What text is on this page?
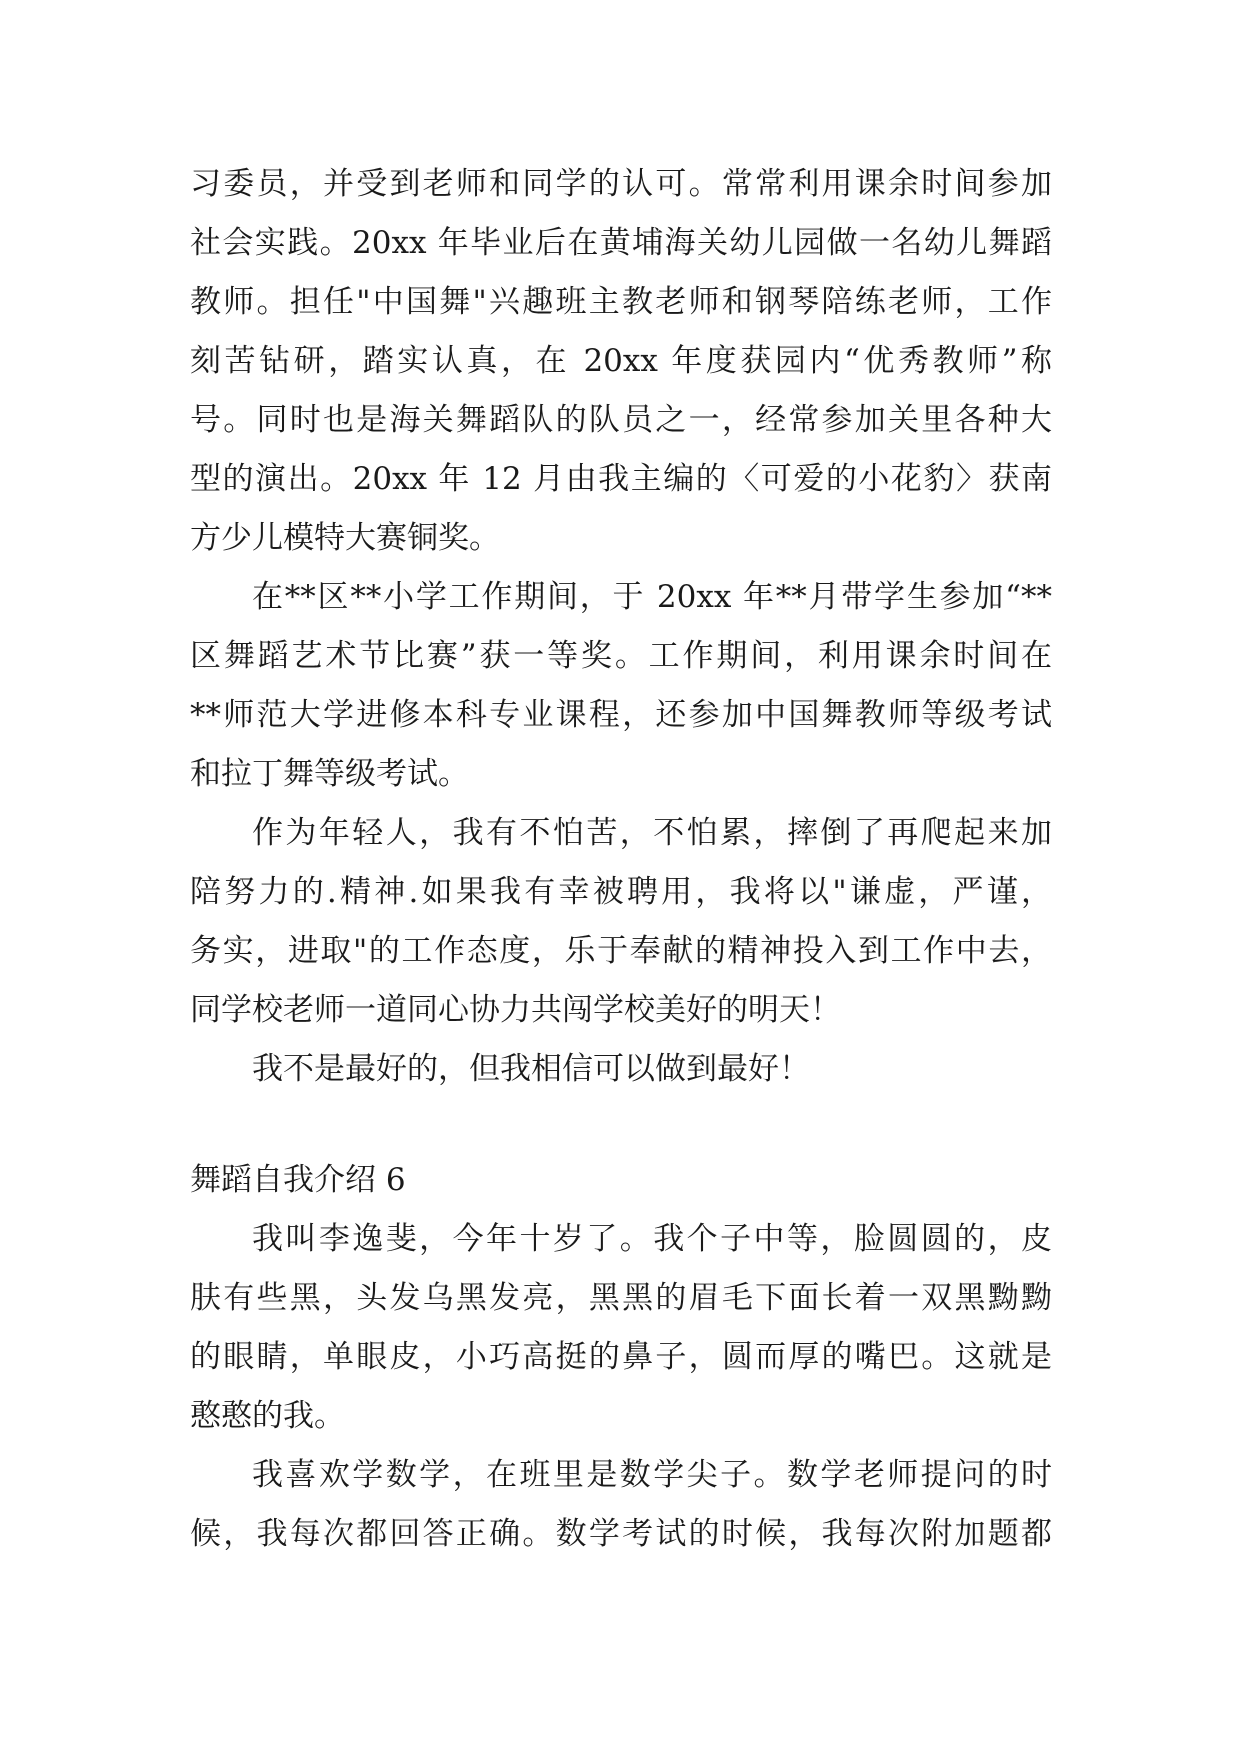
习委员，并受到老师和同学的认可。常常利用课余时间参加
社会实践。20xx 年毕业后在黄埔海关幼儿园做一名幼儿舞蹈
教师。担任"中国舞"兴趣班主教老师和钢琴陪练老师，工作
刻苦钻研，踏实认真，在 20xx 年度获园内“优秀教师”称
号。同时也是海关舞蹈队的队员之一，经常参加关里各种大
型的演出。20xx 年 12 月由我主编的〈可爱的小花豹〉获南
方少儿模特大赛铜奖。
在**区**小学工作期间，于 20xx 年**月带学生参加“**
区舞蹈艺术节比赛”获一等奖。工作期间，利用课余时间在
**师范大学进修本科专业课程，还参加中国舞教师等级考试
和拉丁舞等级考试。
作为年轻人，我有不怕苦，不怕累，摔倒了再爬起来加
陪努力的.精神.如果我有幸被聘用，我将以"谦虚，严谨，
务实，进取"的工作态度，乐于奉献的精神投入到工作中去，
同学校老师一道同心协力共闯学校美好的明天！
我不是最好的，但我相信可以做到最好！
舞蹈自我介绍 6
我叫李逸斐，今年十岁了。我个子中等，脸圆圆的，皮
肤有些黑，头发乌黑发亮，黑黑的眉毛下面长着一双黑黝黝
的眼睛，单眼皮，小巧高挺的鼻子，圆而厚的嘴巴。这就是
憨憨的我。
我喜欢学数学，在班里是数学尖子。数学老师提问的时
候，我每次都回答正确。数学考试的时候，我每次附加题都
